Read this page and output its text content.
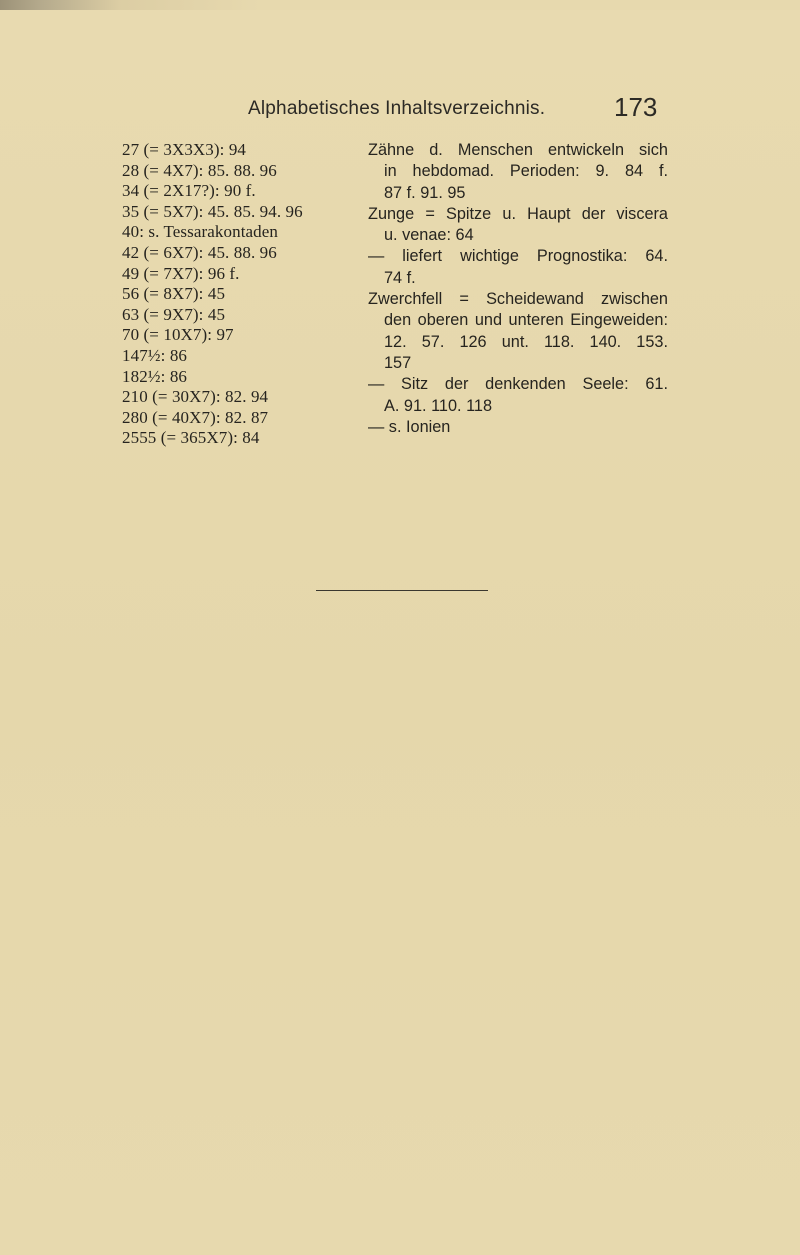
Alphabetisches Inhaltsverzeichnis.	173
27 (= 3X3X3): 94
28 (= 4X7): 85. 88. 96
34 (= 2X17?): 90 f.
35 (= 5X7): 45. 85. 94. 96
40: s. Tessarakontaden
42 (= 6X7): 45. 88. 96
49 (= 7X7): 96 f.
56 (= 8X7): 45
63 (= 9X7): 45
70 (= 10X7): 97
147½: 86
182½: 86
210 (= 30X7): 82. 94
280 (= 40X7): 82. 87
2555 (= 365X7): 84
Zähne d. Menschen entwickeln sich
in hebdomad. Perioden: 9. 84 f.
87 f. 91. 95
Zunge = Spitze u. Haupt der viscera
u. venae: 64
— liefert wichtige Prognostika: 64.
74 f.
Zwerchfell = Scheidewand zwischen
den oberen und unteren Eingeweiden:
12. 57. 126 unt. 118. 140. 153.
157
— Sitz der denkenden Seele: 61.
A. 91. 110. 118
— s. Ionien
